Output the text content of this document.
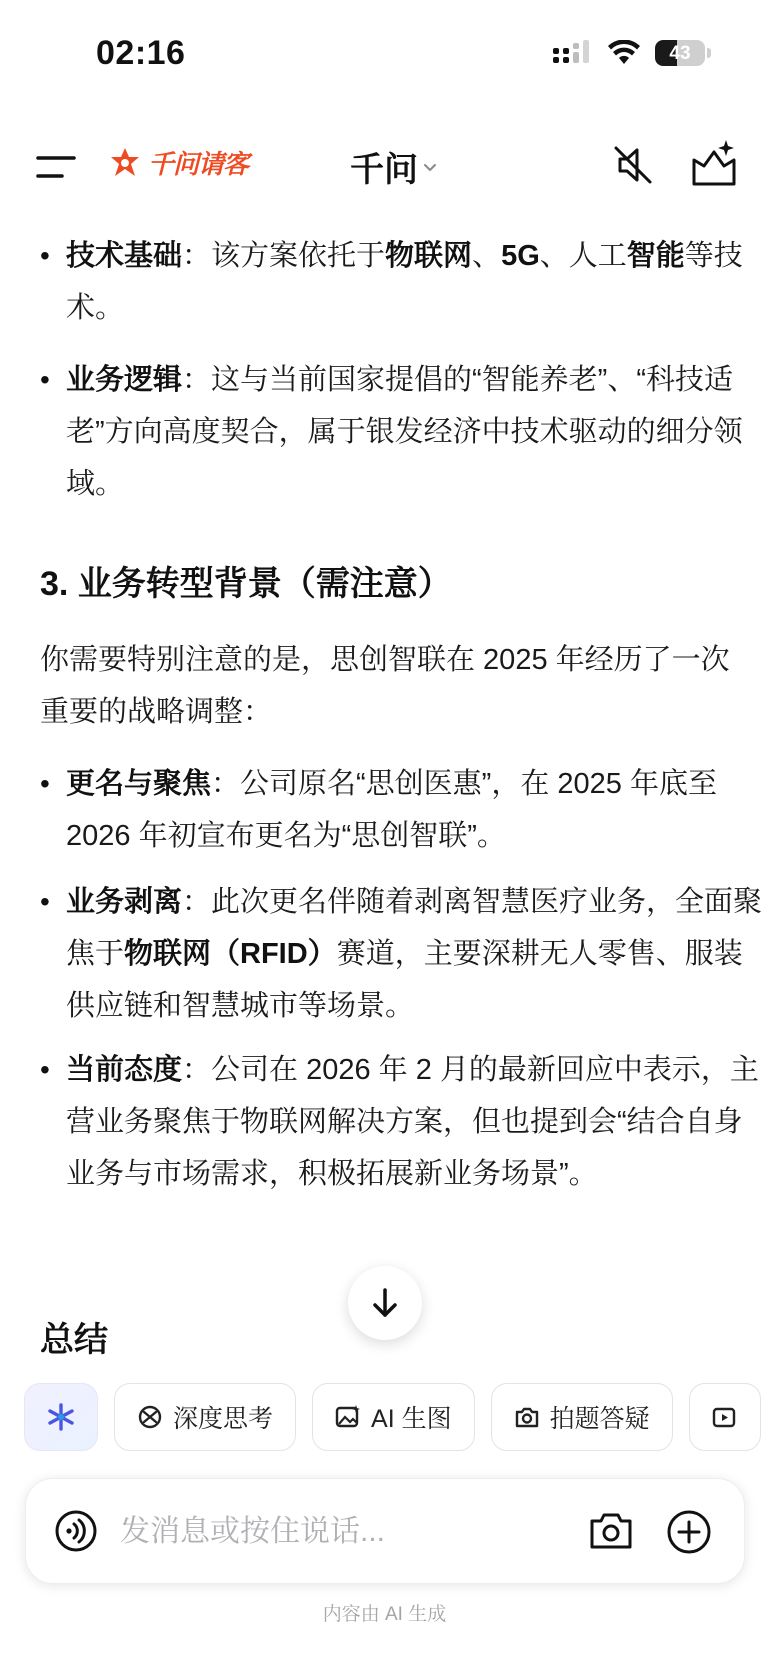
02:16	43
千问请客	千问
• 技术基础：该方案依托于物联网、5G、人工智能等技术。
• 业务逻辑：这与当前国家提倡的“智能养老”、“科技适老”方向高度契合，属于银发经济中技术驱动的细分领域。
3. 业务转型背景（需注意）
你需要特别注意的是，思创智联在 2025 年经历了一次重要的战略调整：
• 更名与聚焦：公司原名“思创医惠”，在 2025 年底至 2026 年初宣布更名为“思创智联”。
• 业务剥离：此次更名伴随着剥离智慧医疗业务，全面聚焦于物联网（RFID）赛道，主要深耕无人零售、服装供应链和智慧城市等场景。
• 当前态度：公司在 2026 年 2 月的最新回应中表示，主营业务聚焦于物联网解决方案，但也提到会“结合自身业务与市场需求，积极拓展新业务场景”。
总结
深度思考	AI 生图	拍题答疑
发消息或按住说话...
内容由 AI 生成
